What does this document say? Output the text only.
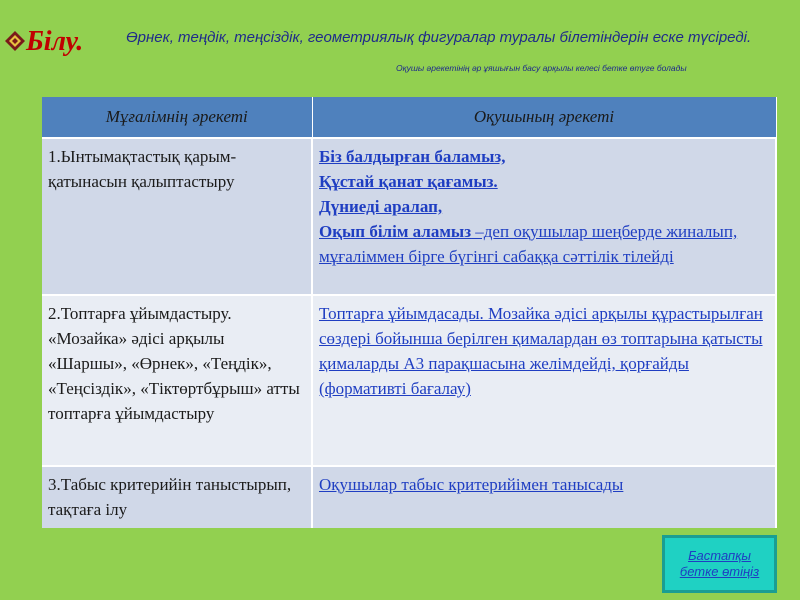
Білу.	Өрнек, теңдік, теңсіздік, геометриялық фигуралар туралы білетіндерін еске түсіреді.
Оқушы әрекетінің әр ұяшығын басу арқылы келесі бетке өтуге болады
Мұғалімнің әрекеті	Оқушының әрекеті
1.Ынтымақтастық қарым-қатынасын қалыптастыру	Біз балдырған баламыз,
Құстай қанат қағамыз.
Дүниеді аралап,
Оқып білім аламыз –деп оқушылар шеңберде жиналып, мұғаліммен бірге бүгінгі сабаққа сәттілік тілейді
2.Топтарға ұйымдастыру. «Мозайка» әдісі арқылы «Шаршы», «Өрнек», «Теңдік», «Теңсіздік», «Тіктөртбұрыш» атты топтарға ұйымдастыру	Топтарға ұйымдасады. Мозайка әдісі арқылы құрастырылған сөздері бойынша берілген қималардан өз топтарына қатысты қималарды А3 парақшасына желімдейді, қорғайды (формативті бағалау)
3.Табыс критерийін таныстырып, тақтаға ілу	Оқушылар табыс критерийімен танысады
Бастапқы
бетке өтіңіз
